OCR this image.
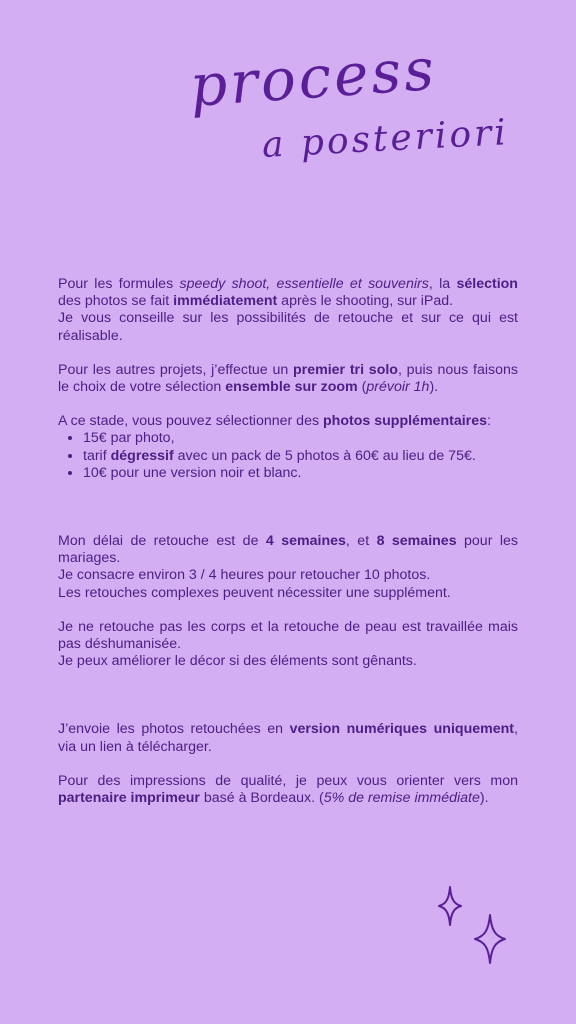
process
a posteriori

Pour les formules speedy shoot, essentielle et souvenirs, la sélection des photos se fait immédiatement après le shooting, sur iPad.

Je vous conseille sur les possibilités de retouche et sur ce qui est réalisable.

Pour les autres projets, j’effectue un premier tri solo, puis nous faisons le choix de votre sélection ensemble sur zoom (prévoir 1h).

A ce stade, vous pouvez sélectionner des photos supplémentaires:

• 15€ par photo,
• tarif dégressif avec un pack de 5 photos à 60€ au lieu de 75€.
• 10€ pour une version noir et blanc.

Mon délai de retouche est de 4 semaines, et 8 semaines pour les mariages.

Je consacre environ 3 / 4 heures pour retoucher 10 photos.

Les retouches complexes peuvent nécessiter une supplément.

Je ne retouche pas les corps et la retouche de peau est travaillée mais pas déshumanisée.

Je peux améliorer le décor si des éléments sont gênants.

J’envoie les photos retouchées en version numériques uniquement, via un lien à télécharger.

Pour des impressions de qualité, je peux vous orienter vers mon partenaire imprimeur basé à Bordeaux. (5% de remise immédiate).
